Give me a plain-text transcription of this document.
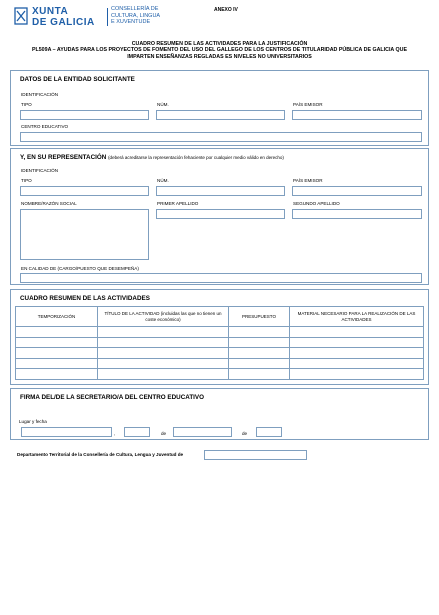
XUNTA
DE GALICIA
CONSELLERÍA DE
CULTURA, LINGUA
E XUVENTUDE
ANEXO IV
CUADRO RESUMEN DE LAS ACTIVIDADES PARA LA JUSTIFICACIÓN
PL509A – AYUDAS PARA LOS PROYECTOS DE FOMENTO DEL USO DEL GALLEGO DE LOS CENTROS DE TITULARIDAD PÚBLICA DE GALICIA QUE
IMPARTEN ENSEÑANZAS REGLADAS ES NIVELES NO UNIVERSITARIOS
DATOS DE LA ENTIDAD SOLICITANTE
IDENTIFICACIÓN
TIPO	NÚM.	PAÍS EMISOR
CENTRO EDUCATIVO
Y, EN SU REPRESENTACIÓN (deberá acreditarse la representación fehaciente por cualquier medio válido en derecho)
IDENTIFICACIÓN
TIPO	NÚM.	PAÍS EMISOR
NOMBRE/RAZÓN SOCIAL	PRIMER APELLIDO	SEGUNDO APELLIDO
EN CALIDAD DE (CARGO/PUESTO QUE DESEMPEÑA)
CUADRO RESUMEN DE LAS ACTIVIDADES
TEMPORIZACIÓN	TÍTULO DE LA ACTIVIDAD (incluidas las que no tienen un coste económico)	PRESUPUESTO	MATERIAL NECESARIO PARA LA REALIZACIÓN DE LAS ACTIVIDADES

FIRMA DEL/DE LA SECRETARIO/A DEL CENTRO EDUCATIVO
Lugar y fecha
,	de	de
Departamento Territorial de la Consellería de Cultura, Lengua y Juventud de
